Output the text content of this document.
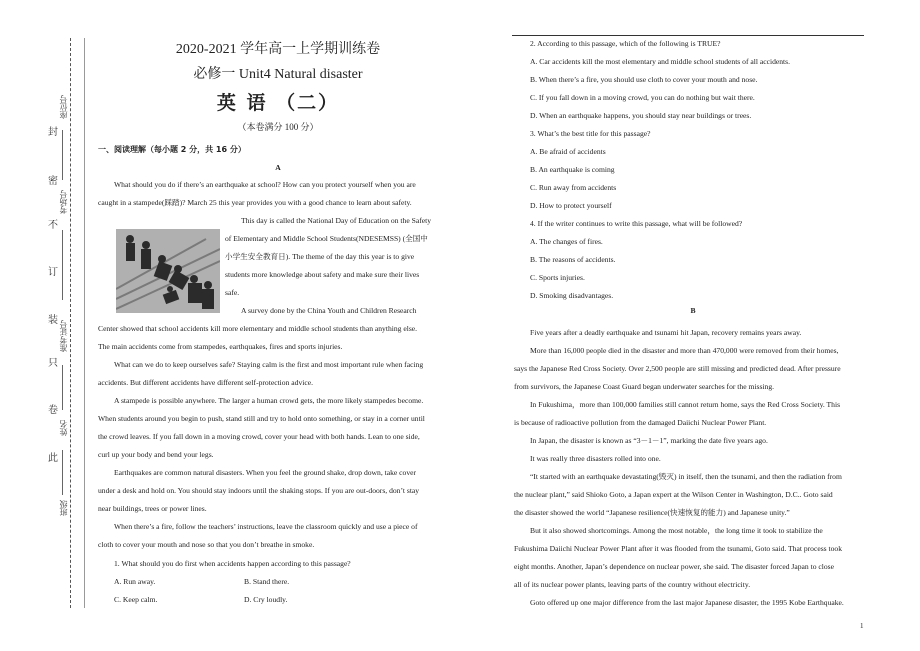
封
密
不
订
装
只
卷
此
座位号
考场号
准考证号
姓名
班级
2020-2021 学年高一上学期训练卷
必修一 Unit4 Natural disaster
英 语 （二）
（本卷满分 100 分）
一、阅读理解（每小题 2 分，共 16 分）
A
What should you do if there’s an earthquake at school? How can you protect yourself when you are
caught in a stampede(踩踏)? March 25 this year provides you with a good chance to learn about safety.
This day is called the National Day of Education on the Safety
of Elementary and Middle School Students(NDESEMSS) (全国中
小学生安全教育日). The theme of the day this year is to give
students more knowledge about safety and make sure their lives
safe.
A survey done by the China Youth and Children Research
Center showed that school accidents kill more elementary and middle school students than anything else.
The main accidents come from stampedes, earthquakes, fires and sports injuries.
What can we do to keep ourselves safe? Staying calm is the first and most important rule when facing
accidents. But different accidents have different self-protection advice.
A stampede is possible anywhere. The larger a human crowd gets, the more likely stampedes become.
When students around you begin to push, stand still and try to hold onto something, or stay in a corner until
the crowd leaves. If you fall down in a moving crowd, cover your head with both hands. Lean to one side,
curl up your body and bend your legs.
Earthquakes are common natural disasters. When you feel the ground shake, drop down, take cover
under a desk and hold on. You should stay indoors until the shaking stops. If you are out-doors, don’t stay
near buildings, trees or power lines.
When there’s a fire, follow the teachers’ instructions, leave the classroom quickly and use a piece of
cloth to cover your mouth and nose so that you don’t breathe in smoke.
1. What should you do first when accidents happen according to this passage?
A. Run away.	B. Stand there.
C. Keep calm.	D. Cry loudly.
2. According to this passage, which of the following is TRUE?
A. Car accidents kill the most elementary and middle school students of all accidents.
B. When there’s a fire, you should use cloth to cover your mouth and nose.
C. If you fall down in a moving crowd, you can do nothing but wait there.
D. When an earthquake happens, you should stay near buildings or trees.
3. What’s the best title for this passage?
A. Be afraid of accidents
B. An earthquake is coming
C. Run away from accidents
D. How to protect yourself
4. If the writer continues to write this passage, what will be followed?
A. The changes of fires.
B. The reasons of accidents.
C. Sports injuries.
D. Smoking disadvantages.
B
Five years after a deadly earthquake and tsunami hit Japan, recovery remains years away.
More than 16,000 people died in the disaster and more than 470,000 were removed from their homes,
says the Japanese Red Cross Society. Over 2,500 people are still missing and predicted dead. After pressure
from survivors, the Japanese Coast Guard began underwater searches for the missing.
In Fukushima，more than 100,000 families still cannot return home, says the Red Cross Society. This
is because of radioactive pollution from the damaged Daiichi Nuclear Power Plant.
In Japan, the disaster is known as “3－1－1”, marking the date five years ago.
It was really three disasters rolled into one.
“It started with an earthquake devastating(毁灭) in itself, then the tsunami, and then the radiation from
the nuclear plant,” said Shioko Goto, a Japan expert at the Wilson Center in Washington, D.C.. Goto said
the disaster showed the world “Japanese resilience(快速恢复的能力) and Japanese unity.”
But it also showed shortcomings. Among the most notable，the long time it took to stabilize the
Fukushima Daiichi Nuclear Power Plant after it was flooded from the tsunami, Goto said. That process took
eight months. Another, Japan’s dependence on nuclear power, she said. The disaster forced Japan to close
all of its nuclear power plants, leaving parts of the country without electricity.
Goto offered up one major difference from the last major Japanese disaster, the 1995 Kobe Earthquake.
1
